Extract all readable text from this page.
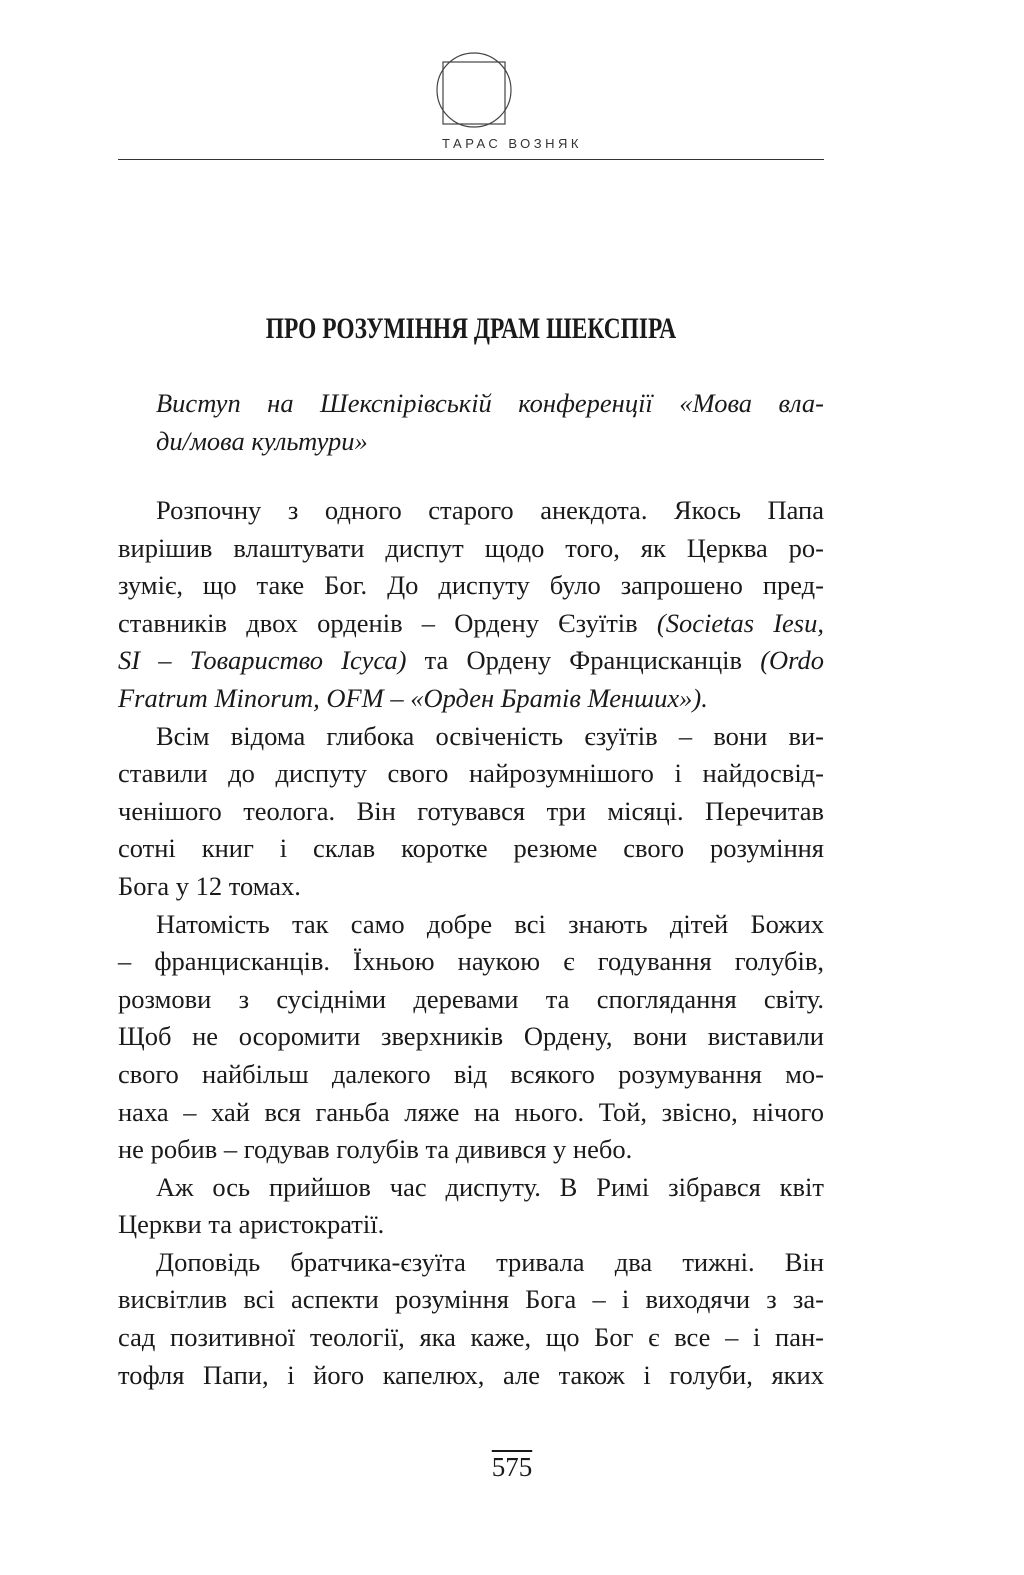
ТАРАС ВОЗНЯК
ПРО РОЗУМІННЯ ДРАМ ШЕКСПІРА
Виступ на Шекспірівській конференції «Мова вла-
ди/мова культури»
Розпочну з одного старого анекдота. Якось Папа
вирішив влаштувати диспут щодо того, як Церква ро-
зуміє, що таке Бог. До диспуту було запрошено пред-
ставників двох орденів – Ордену Єзуїтів (Societas Iesu,
SI – Товариство Ісуса) та Ордену Францисканців (Ordo
Fratrum Minorum, OFM – «Орден Братів Менших»).
Всім відома глибока освіченість єзуїтів – вони ви-
ставили до диспуту свого найрозумнішого і найдосвід-
ченішого теолога. Він готувався три місяці. Перечитав
сотні книг і склав коротке резюме свого розуміння
Бога у 12 томах.
Натомість так само добре всі знають дітей Божих
– францисканців. Їхньою наукою є годування голубів,
розмови з сусідніми деревами та споглядання світу.
Щоб не осоромити зверхників Ордену, вони виставили
свого найбільш далекого від всякого розумування мо-
наха – хай вся ганьба ляже на нього. Той, звісно, нічого
не робив – годував голубів та дивився у небо.
Аж ось прийшов час диспуту. В Римі зібрався квіт
Церкви та аристократії.
Доповідь братчика-єзуїта тривала два тижні. Він
висвітлив всі аспекти розуміння Бога – і виходячи з за-
сад позитивної теології, яка каже, що Бог є все – і пан-
тофля Папи, і його капелюх, але також і голуби, яких
575
